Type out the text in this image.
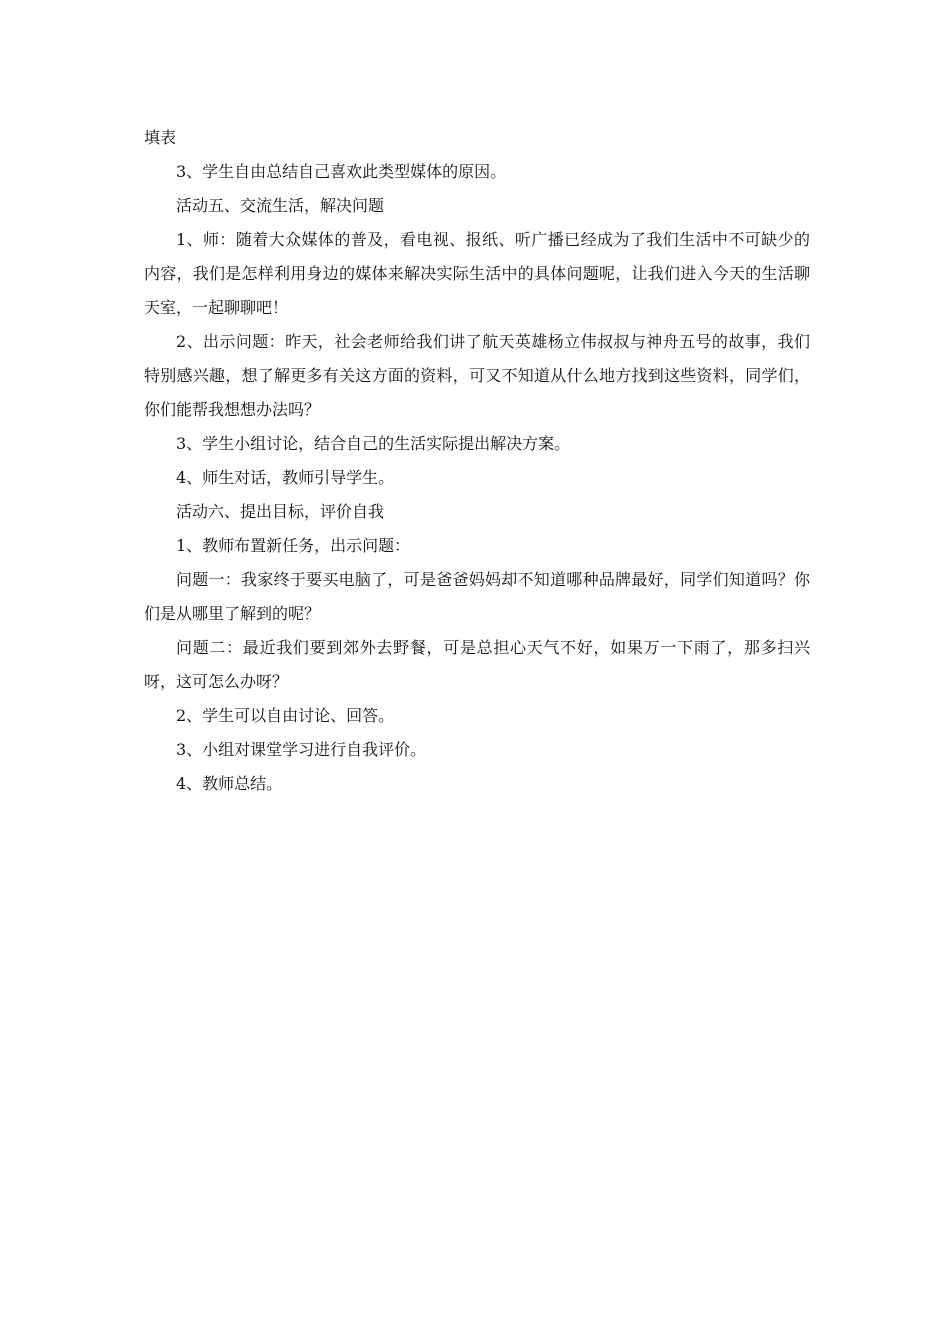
填表

3、学生自由总结自己喜欢此类型媒体的原因。

活动五、交流生活，解决问题

1、师：随着大众媒体的普及，看电视、报纸、听广播已经成为了我们生活中不可缺少的内容，我们是怎样利用身边的媒体来解决实际生活中的具体问题呢，让我们进入今天的生活聊天室，一起聊聊吧！

2、出示问题：昨天，社会老师给我们讲了航天英雄杨立伟叔叔与神舟五号的故事，我们特别感兴趣，想了解更多有关这方面的资料，可又不知道从什么地方找到这些资料，同学们，你们能帮我想想办法吗？

3、学生小组讨论，结合自己的生活实际提出解决方案。

4、师生对话，教师引导学生。

活动六、提出目标，评价自我

1、教师布置新任务，出示问题：

问题一：我家终于要买电脑了，可是爸爸妈妈却不知道哪种品牌最好，同学们知道吗？你们是从哪里了解到的呢？

问题二：最近我们要到郊外去野餐，可是总担心天气不好，如果万一下雨了，那多扫兴呀，这可怎么办呀？

2、学生可以自由讨论、回答。

3、小组对课堂学习进行自我评价。

4、教师总结。
